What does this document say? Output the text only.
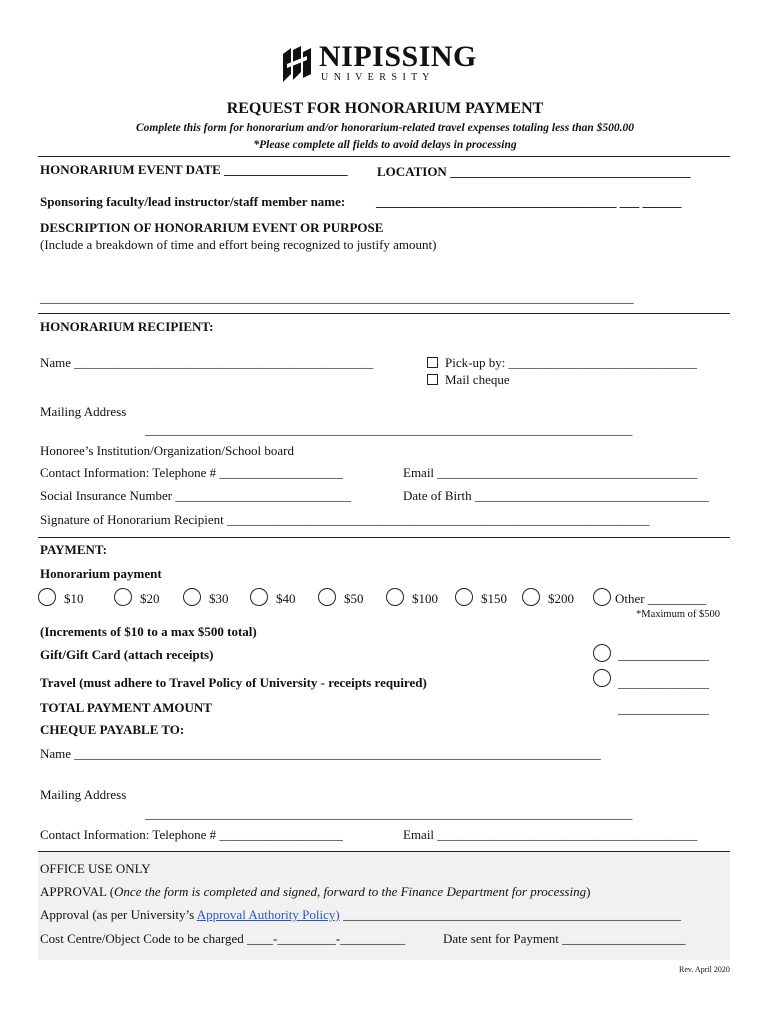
NIPISSING
U N I V E R S I T Y
REQUEST FOR HONORARIUM PAYMENT
Complete this form for honorarium and/or honorarium-related travel expenses totaling less than $500.00
*Please complete all fields to avoid delays in processing
HONORARIUM EVENT DATE ___________________ LOCATION _____________________________________
Sponsoring faculty/lead instructor/staff member name: _____________________________________ ___ ______
DESCRIPTION OF HONORARIUM EVENT OR PURPOSE
(Include a breakdown of time and effort being recognized to justify amount)
_______________________________________________________________________________________________
HONORARIUM RECIPIENT:
Name ______________________________________________	Pick-up by: _____________________________
Mail cheque
Mailing Address
___________________________________________________________________________
Honoree’s Institution/Organization/School board
Contact Information: Telephone # ___________________	Email ________________________________________
Social Insurance Number ___________________________	Date of Birth ____________________________________
Signature of Honorarium Recipient _________________________________________________________________
PAYMENT:
Honorarium payment
$10	$20	$30	$40	$50	$100	$150	$200	Other _________
*Maximum of $500
(Increments of $10 to a max $500 total)
Gift/Gift Card (attach receipts)	______________
Travel (must adhere to Travel Policy of University - receipts required)	______________
TOTAL PAYMENT AMOUNT	______________
CHEQUE PAYABLE TO:
Name _________________________________________________________________________________
Mailing Address
___________________________________________________________________________
Contact Information: Telephone # ___________________	Email ________________________________________
OFFICE USE ONLY
APPROVAL (Once the form is completed and signed, forward to the Finance Department for processing)
Approval (as per University’s Approval Authority Policy) ____________________________________________________
Cost Centre/Object Code to be charged ____-_________-__________	Date sent for Payment ___________________
Rev. April 2020
